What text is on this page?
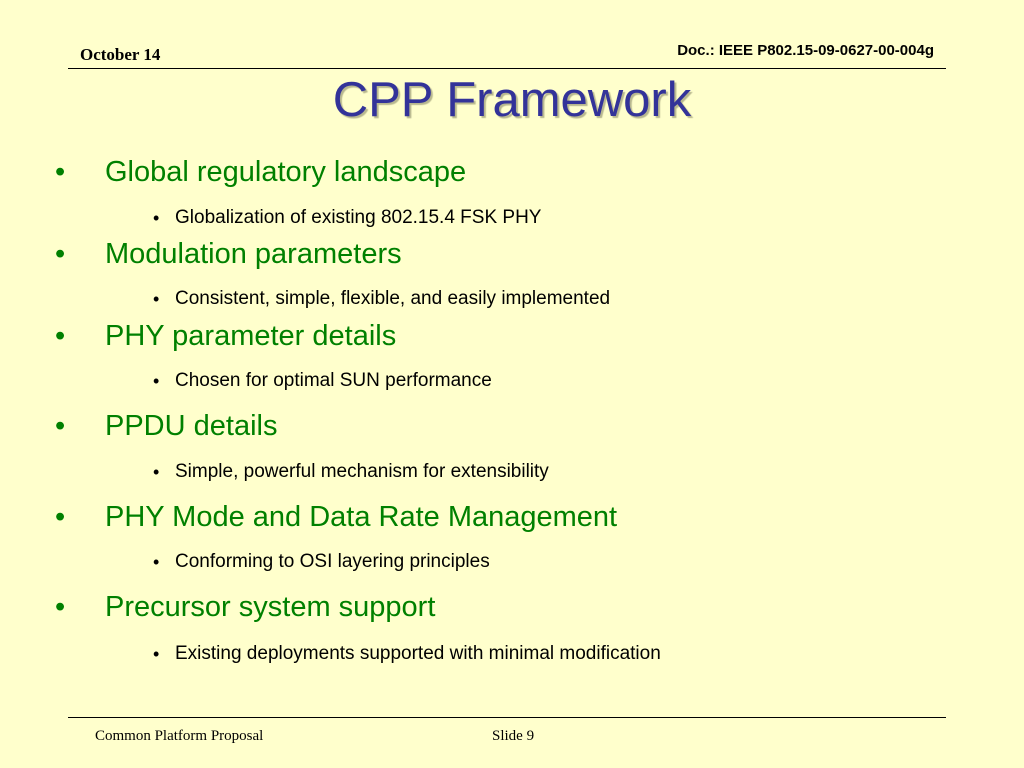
October 14	Doc.: IEEE P802.15-09-0627-00-004g
CPP Framework
• Global regulatory landscape
• Globalization of existing 802.15.4 FSK PHY
• Modulation parameters
• Consistent, simple, flexible, and easily implemented
• PHY parameter details
• Chosen for optimal SUN performance
• PPDU details
• Simple, powerful mechanism for extensibility
• PHY Mode and Data Rate Management
• Conforming to OSI layering principles
• Precursor system support
• Existing deployments supported with minimal modification
Common Platform Proposal	Slide 9
